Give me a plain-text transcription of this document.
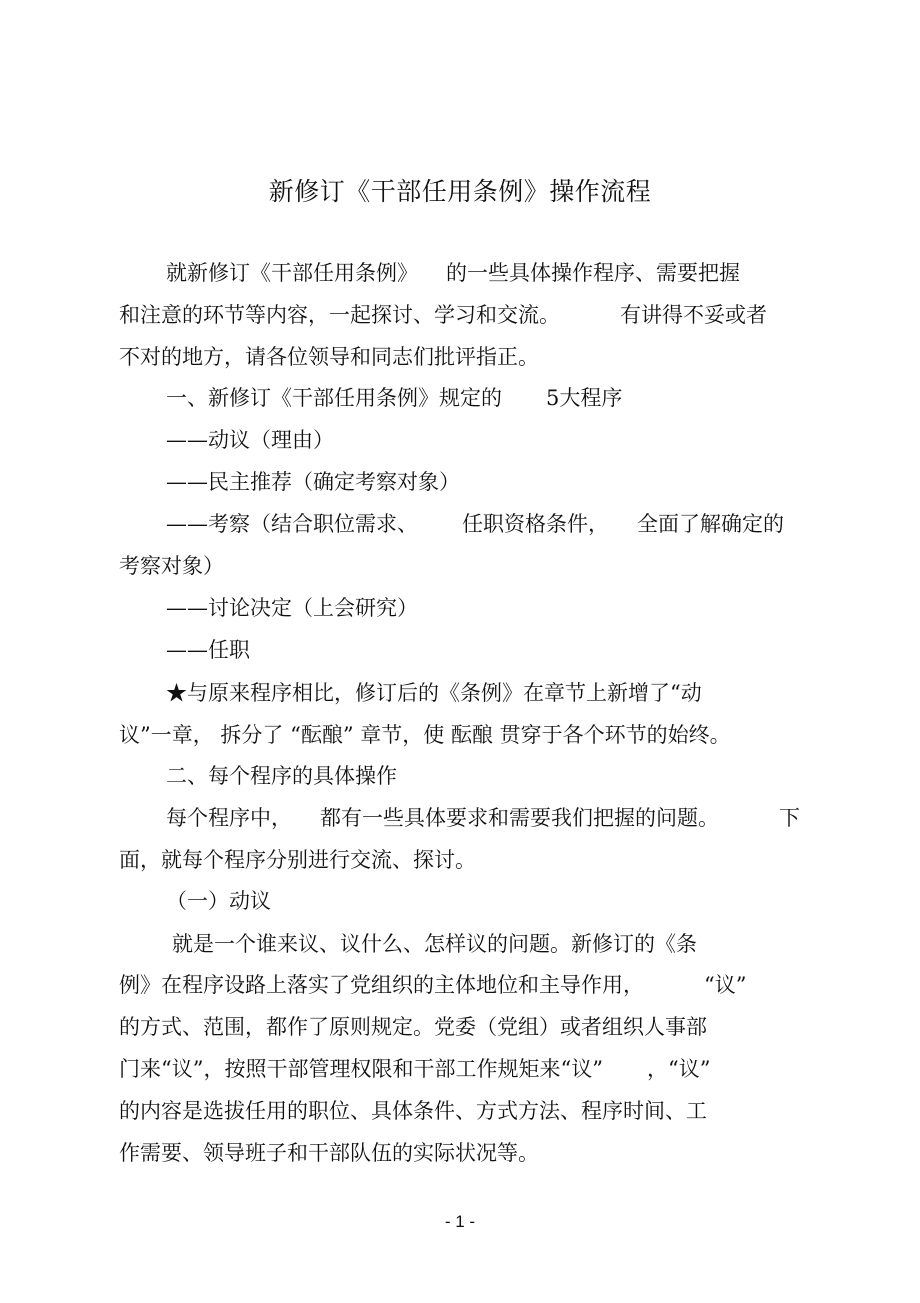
新修订《干部任用条例》操作流程
就新修订《干部任用条例》 的一些具体操作程序、需要把握
和注意的环节等内容，一起探讨、学习和交流。	有讲得不妥或者
不对的地方，请各位领导和同志们批评指正。
一、新修订《干部任用条例》规定的 5大程序
——动议（理由）
——民主推荐（确定考察对象）
——考察（结合职位需求、 任职资格条件， 全面了解确定的
考察对象）
——讨论决定（上会研究）
——任职
★与原来程序相比，修订后的《条例》在章节上新增了“动
议”一章， 拆分了 “酝酿” 章节，使 酝酿 贯穿于各个环节的始终。
二、每个程序的具体操作
每个程序中， 都有一些具体要求和需要我们把握的问题。	下
面，就每个程序分别进行交流、探讨。
（一）动议
就是一个谁来议、议什么、怎样议的问题。新修订的《条
例》在程序设路上落实了党组织的主体地位和主导作用，	“议”
的方式、范围，都作了原则规定。党委（党组）或者组织人事部
门来“议”，按照干部管理权限和干部工作规矩来“议” ，“议”
的内容是选拔任用的职位、具体条件、方式方法、程序时间、工
作需要、领导班子和干部队伍的实际状况等。
- 1 -
